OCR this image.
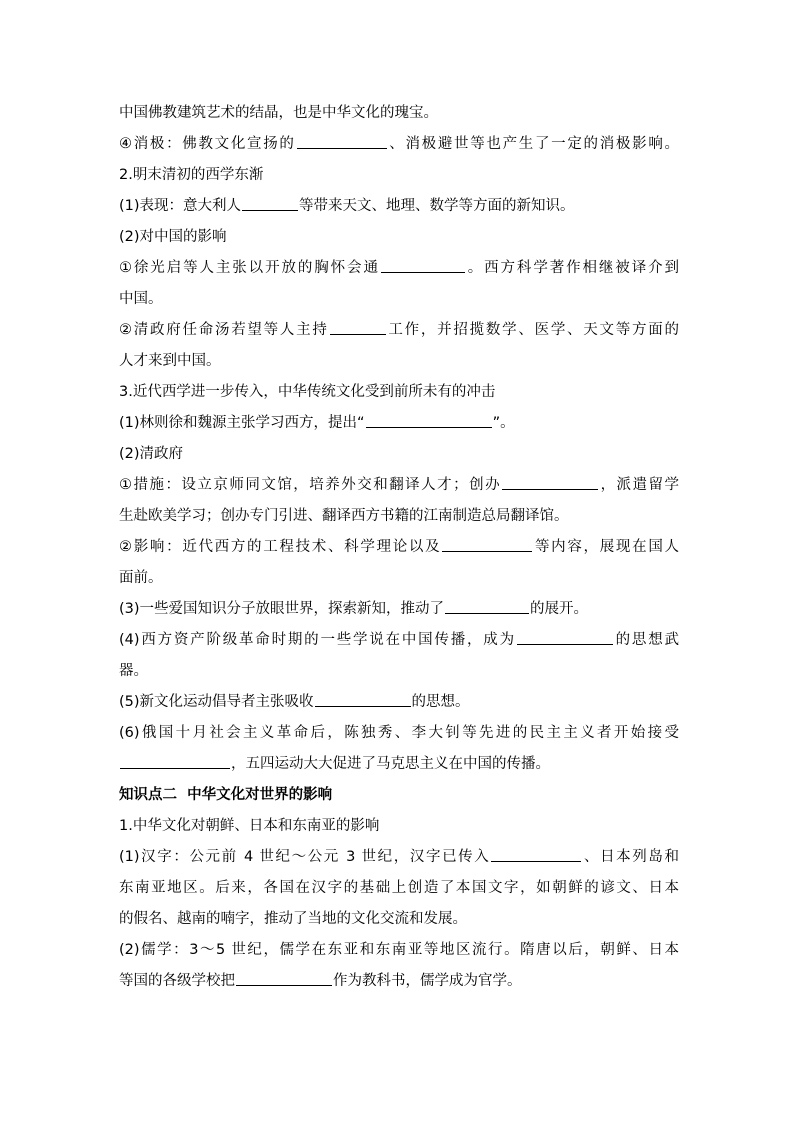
中国佛教建筑艺术的结晶，也是中华文化的瑰宝。
④消极：佛教文化宣扬的	、消极避世等也产生了一定的消极影响。
2.明末清初的西学东渐
(1)表现：意大利人	等带来天文、地理、数学等方面的新知识。
(2)对中国的影响
①徐光启等人主张以开放的胸怀会通	。西方科学著作相继被译介到
中国。
②清政府任命汤若望等人主持	工作，并招揽数学、医学、天文等方面的
人才来到中国。
3.近代西学进一步传入，中华传统文化受到前所未有的冲击
(1)林则徐和魏源主张学习西方，提出“	”。
(2)清政府
①措施：设立京师同文馆，培养外交和翻译人才；创办	，派遣留学
生赴欧美学习；创办专门引进、翻译西方书籍的江南制造总局翻译馆。
②影响：近代西方的工程技术、科学理论以及	等内容，展现在国人
面前。
(3)一些爱国知识分子放眼世界，探索新知，推动了	的展开。
(4)西方资产阶级革命时期的一些学说在中国传播，成为	的思想武
器。
(5)新文化运动倡导者主张吸收	的思想。
(6)俄国十月社会主义革命后，陈独秀、李大钊等先进的民主主义者开始接受
，五四运动大大促进了马克思主义在中国的传播。
知识点二  中华文化对世界的影响
1.中华文化对朝鲜、日本和东南亚的影响
(1)汉字：公元前 4 世纪～公元 3 世纪，汉字已传入	、日本列岛和
东南亚地区。后来，各国在汉字的基础上创造了本国文字，如朝鲜的谚文、日本
的假名、越南的喃字，推动了当地的文化交流和发展。
(2)儒学：3～5 世纪，儒学在东亚和东南亚等地区流行。隋唐以后，朝鲜、日本
等国的各级学校把	作为教科书，儒学成为官学。
